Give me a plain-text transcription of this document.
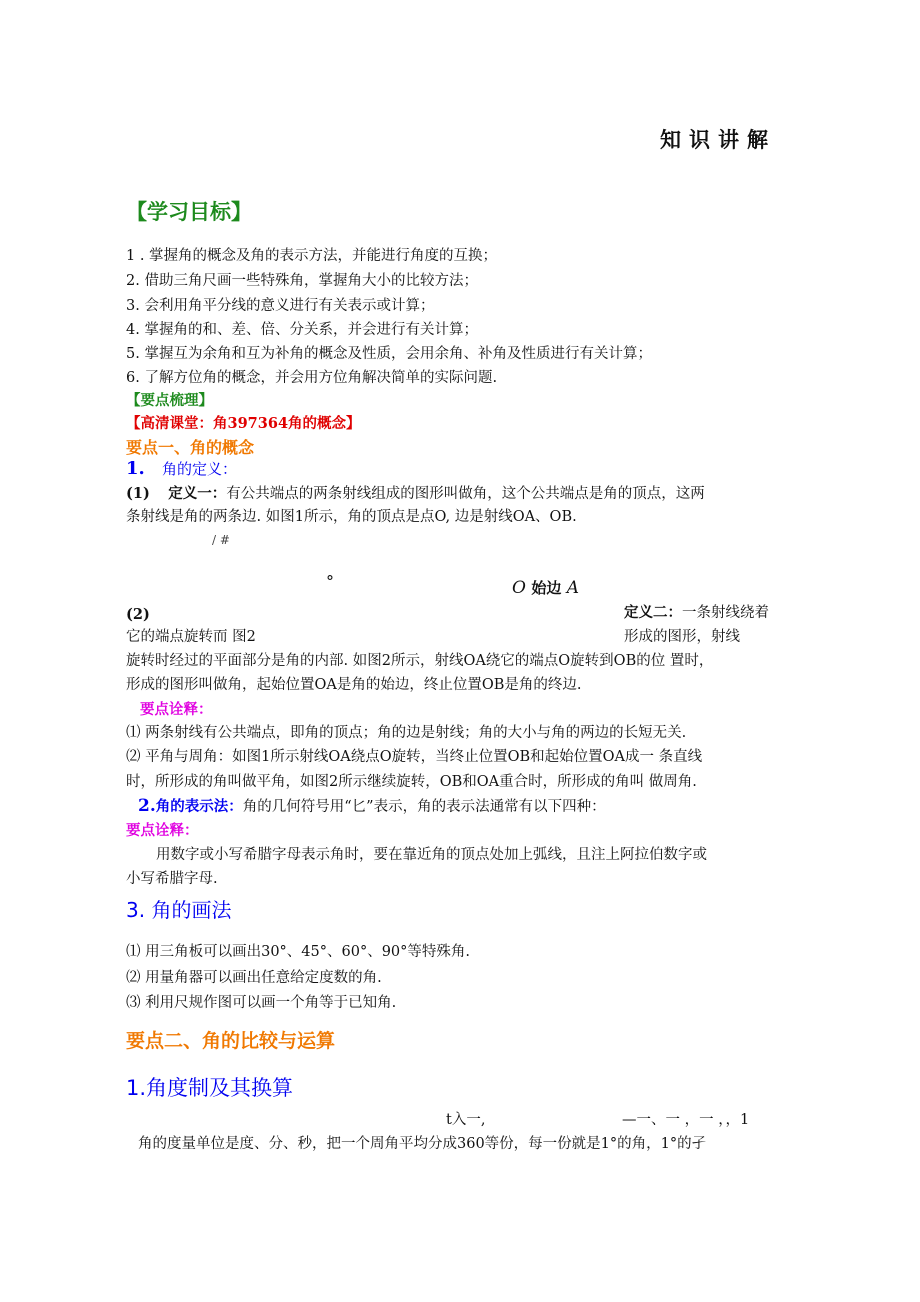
知识讲解
【学习目标】
1 . 掌握角的概念及角的表示方法，并能进行角度的互换；
2. 借助三角尺画一些特殊角，掌握角大小的比较方法；
3. 会利用角平分线的意义进行有关表示或计算；
4. 掌握角的和、差、倍、分关系，并会进行有关计算；
5. 掌握互为余角和互为补角的概念及性质，会用余角、补角及性质进行有关计算；
6. 了解方位角的概念，并会用方位角解决简单的实际问题.
【要点梳理】
【高清课堂：角397364角的概念】
要点一、角的概念
1. 角的定义：
(1) 定义一：有公共端点的两条射线组成的图形叫做角，这个公共端点是角的顶点，这两
条射线是角的两条边. 如图1所示，角的顶点是点O, 边是射线OA、OB.
/ #
°	O 始边 A
(2)	定义二：一条射线绕着
它的端点旋转而 图2	形成的图形，射线
旋转时经过的平面部分是角的内部. 如图2所示，射线OA绕它的端点O旋转到OB的位 置时，
形成的图形叫做角，起始位置OA是角的始边，终止位置OB是角的终边.
要点诠释：
⑴ 两条射线有公共端点，即角的顶点；角的边是射线；角的大小与角的两边的长短无关.
⑵ 平角与周角：如图1所示射线OA绕点O旋转，当终止位置OB和起始位置OA成一 条直线
时，所形成的角叫做平角，如图2所示继续旋转，OB和OA重合时，所形成的角叫 做周角.
2.角的表示法：角的几何符号用“匕”表示，角的表示法通常有以下四种：
要点诠释：
用数字或小写希腊字母表示角时，要在靠近角的顶点处加上弧线，且注上阿拉伯数字或
小写希腊字母.
3. 角的画法
⑴ 用三角板可以画出30°、45°、60°、90°等特殊角.
⑵ 用量角器可以画出任意给定度数的角.
⑶ 利用尺规作图可以画一个角等于已知角.
要点二、角的比较与运算
1.角度制及其换算
t入一,	—一、一 ，一 ，，1
角的度量单位是度、分、秒，把一个周角平均分成360等份，每一份就是1°的角，1°的孑
